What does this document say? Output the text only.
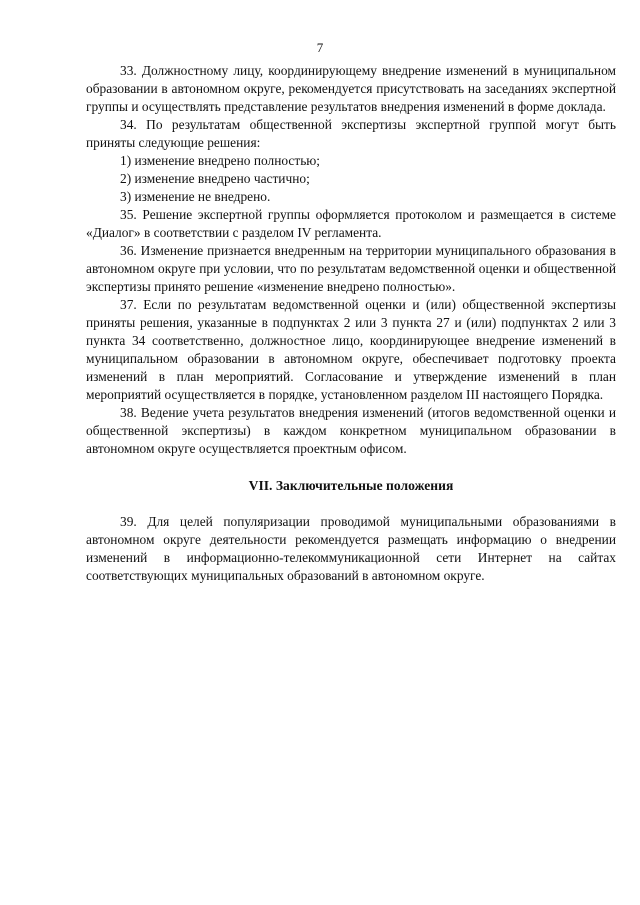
7

33. Должностному лицу, координирующему внедрение изменений в муниципальном образовании в автономном округе, рекомендуется присутствовать на заседаниях экспертной группы и осуществлять представление результатов внедрения изменений в форме доклада.

34. По результатам общественной экспертизы экспертной группой могут быть приняты следующие решения:

1) изменение внедрено полностью;

2) изменение внедрено частично;

3) изменение не внедрено.

35. Решение экспертной группы оформляется протоколом и размещается в системе «Диалог» в соответствии с разделом IV регламента.

36. Изменение признается внедренным на территории муниципального образования в автономном округе при условии, что по результатам ведомственной оценки и общественной экспертизы принято решение «изменение внедрено полностью».

37. Если по результатам ведомственной оценки и (или) общественной экспертизы приняты решения, указанные в подпунктах 2 или 3 пункта 27 и (или) подпунктах 2 или 3 пункта 34 соответственно, должностное лицо, координирующее внедрение изменений в муниципальном образовании в автономном округе, обеспечивает подготовку проекта изменений в план мероприятий. Согласование и утверждение изменений в план мероприятий осуществляется в порядке, установленном разделом III настоящего Порядка.

38. Ведение учета результатов внедрения изменений (итогов ведомственной оценки и общественной экспертизы) в каждом конкретном муниципальном образовании в автономном округе осуществляется проектным офисом.

VII. Заключительные положения

39. Для целей популяризации проводимой муниципальными образованиями в автономном округе деятельности рекомендуется размещать информацию о внедрении изменений в информационно-телекоммуникационной сети Интернет на сайтах соответствующих муниципальных образований в автономном округе.
